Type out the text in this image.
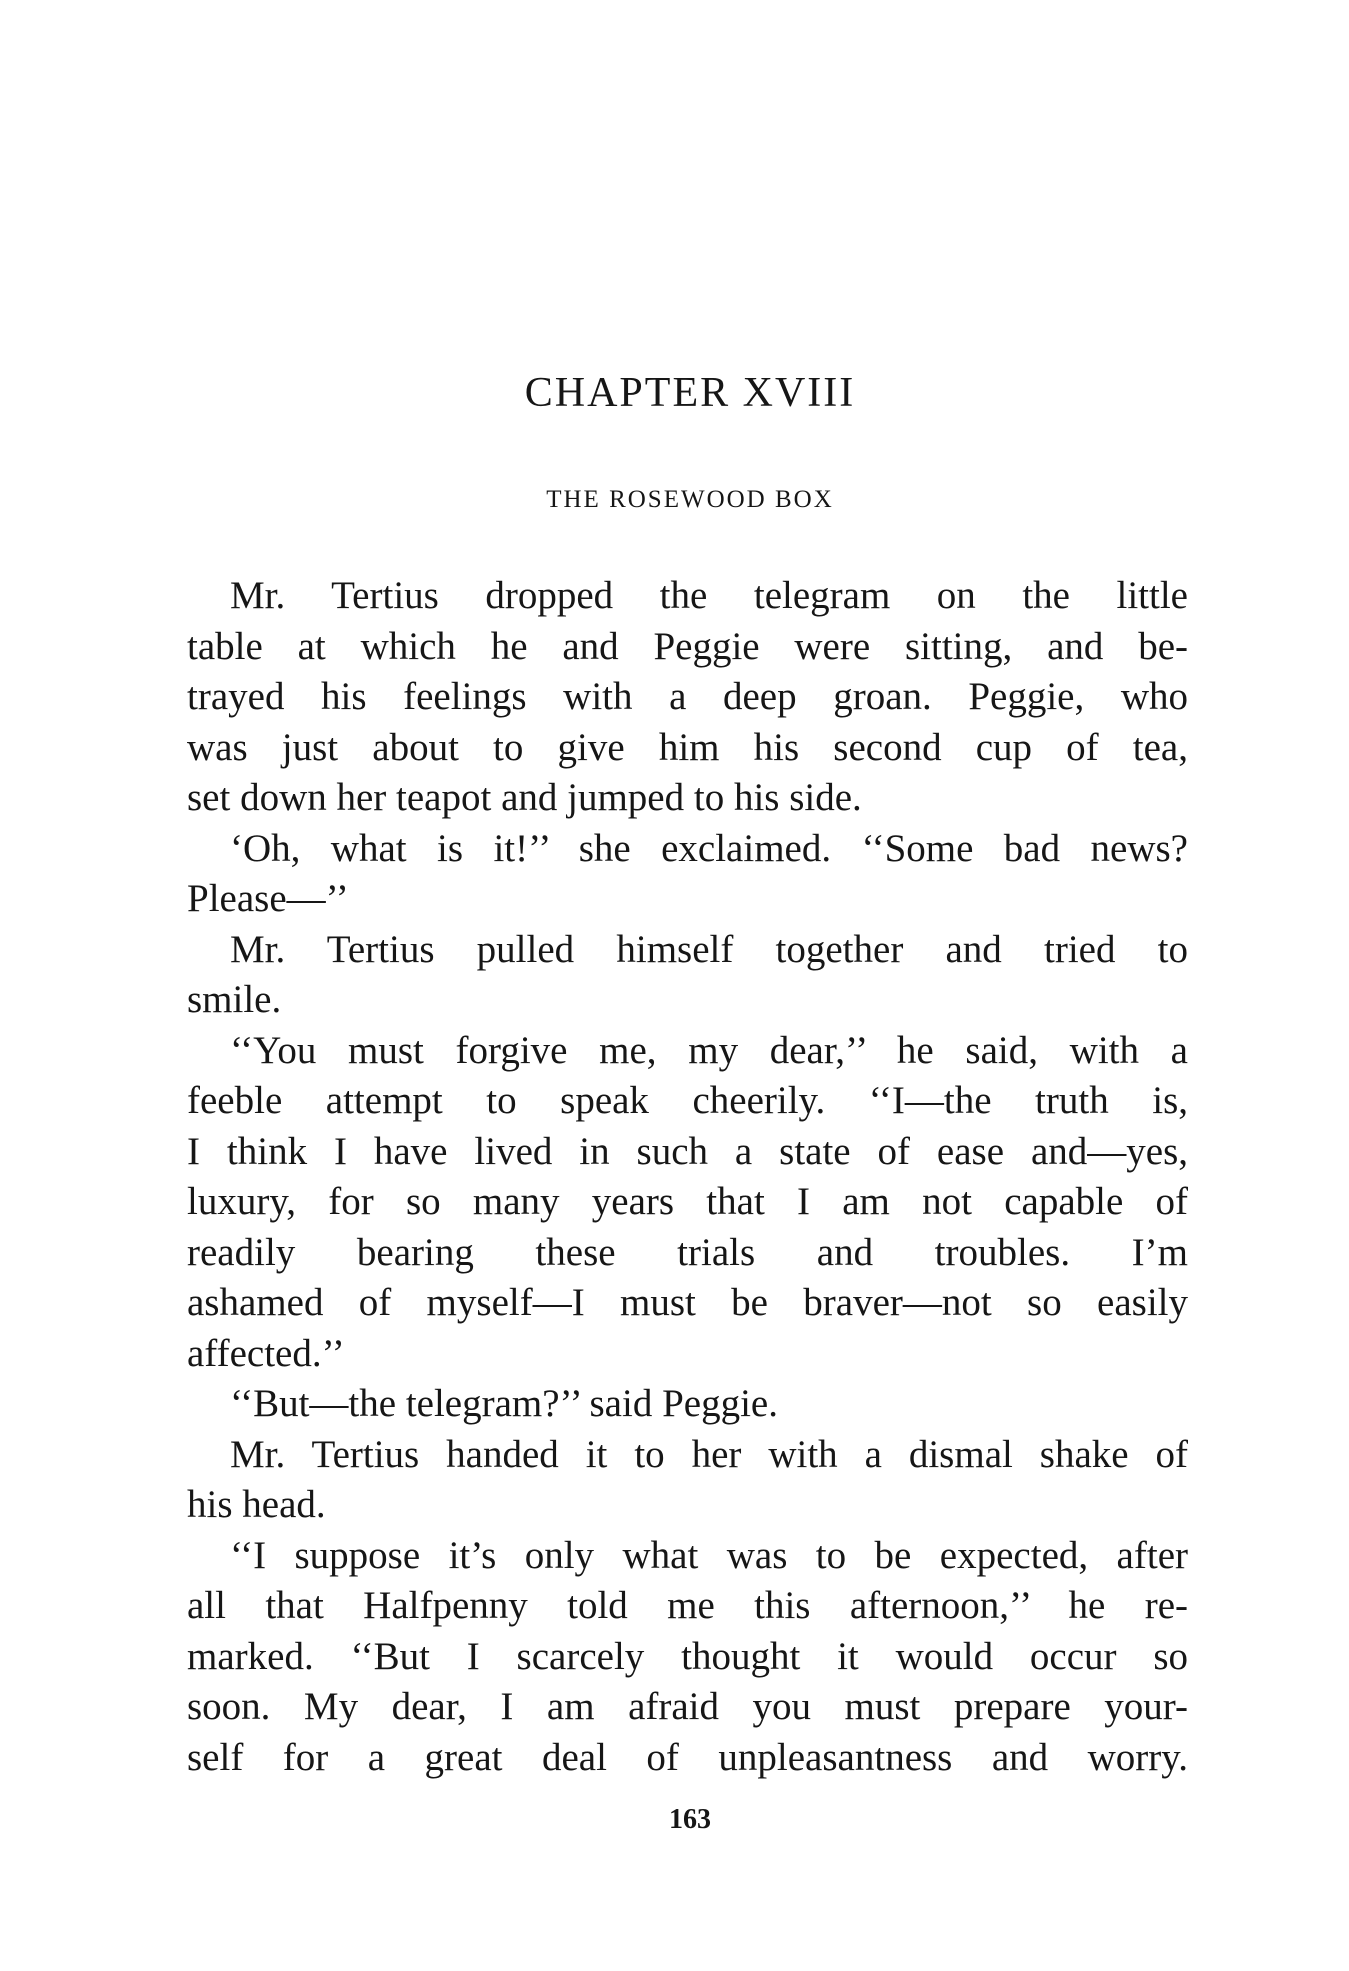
CHAPTER XVIII
THE ROSEWOOD BOX
Mr. Tertius dropped the telegram on the little
table at which he and Peggie were sitting, and be-
trayed his feelings with a deep groan. Peggie, who
was just about to give him his second cup of tea,
set down her teapot and jumped to his side.
‘Oh, what is it!’’ she exclaimed. ‘‘Some bad news?
Please—’’
Mr. Tertius pulled himself together and tried to
smile.
‘‘You must forgive me, my dear,’’ he said, with a
feeble attempt to speak cheerily. ‘‘I—the truth is,
I think I have lived in such a state of ease and—yes,
luxury, for so many years that I am not capable of
readily bearing these trials and troubles. I’m
ashamed of myself—I must be braver—not so easily
affected.’’
‘‘But—the telegram?’’ said Peggie.
Mr. Tertius handed it to her with a dismal shake of
his head.
‘‘I suppose it’s only what was to be expected, after
all that Halfpenny told me this afternoon,’’ he re-
marked. ‘‘But I scarcely thought it would occur so
soon. My dear, I am afraid you must prepare your-
self for a great deal of unpleasantness and worry.
163
